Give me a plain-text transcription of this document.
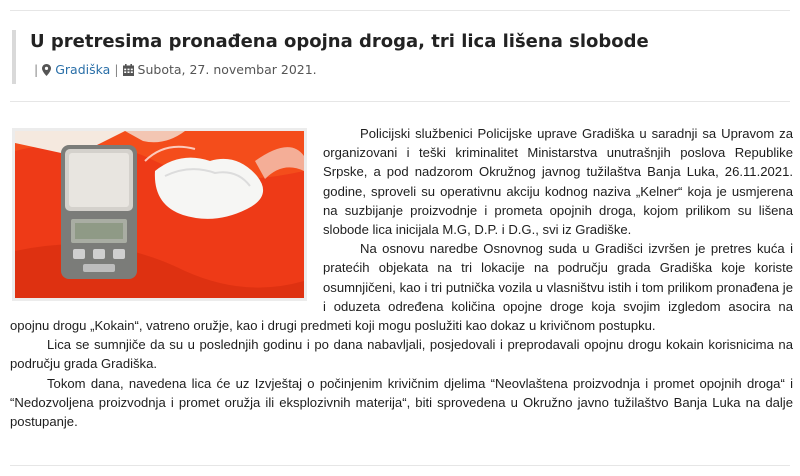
U pretresima pronađena opojna droga, tri lica lišena slobode
| Gradiška | Subota, 27. novembar 2021.

Policijski službenici Policijske uprave Gradiška u saradnji sa Upravom za organizovani i teški kriminalitet Ministarstva unutrašnjih poslova Republike Srpske, a pod nadzorom Okružnog javnog tužilaštva Banja Luka, 26.11.2021. godine, sproveli su operativnu akciju kodnog naziva „Kelner“ koja je usmjerena na suzbijanje proizvodnje i prometa opojnih droga, kojom prilikom su lišena slobode lica inicijala M.G, D.P. i D.G., svi iz Gradiške.

Na osnovu naredbe Osnovnog suda u Gradišci izvršen je pretres kuća i pratećih objekata na tri lokacije na području grada Gradiška koje koriste osumnjičeni, kao i tri putnička vozila u vlasništvu istih i tom prilikom pronađena je i oduzeta određena količina opojne droge koja svojim izgledom asocira na opojnu drogu „Kokain“, vatreno oružje, kao i drugi predmeti koji mogu poslužiti kao dokaz u krivičnom postupku.

Lica se sumnjiče da su u poslednjih godinu i po dana nabavljali, posjedovali i preprodavali opojnu drogu kokain korisnicima na području grada Gradiška.

Tokom dana, navedena lica će uz Izvještaj o počinjenim krivičnim djelima “Neovlaštena proizvodnja i promet opojnih droga“ i “Nedozvoljena proizvodnja i promet oružja ili eksplozivnih materija“, biti sprovedena u Okružno javno tužilaštvo Banja Luka na dalje postupanje.
